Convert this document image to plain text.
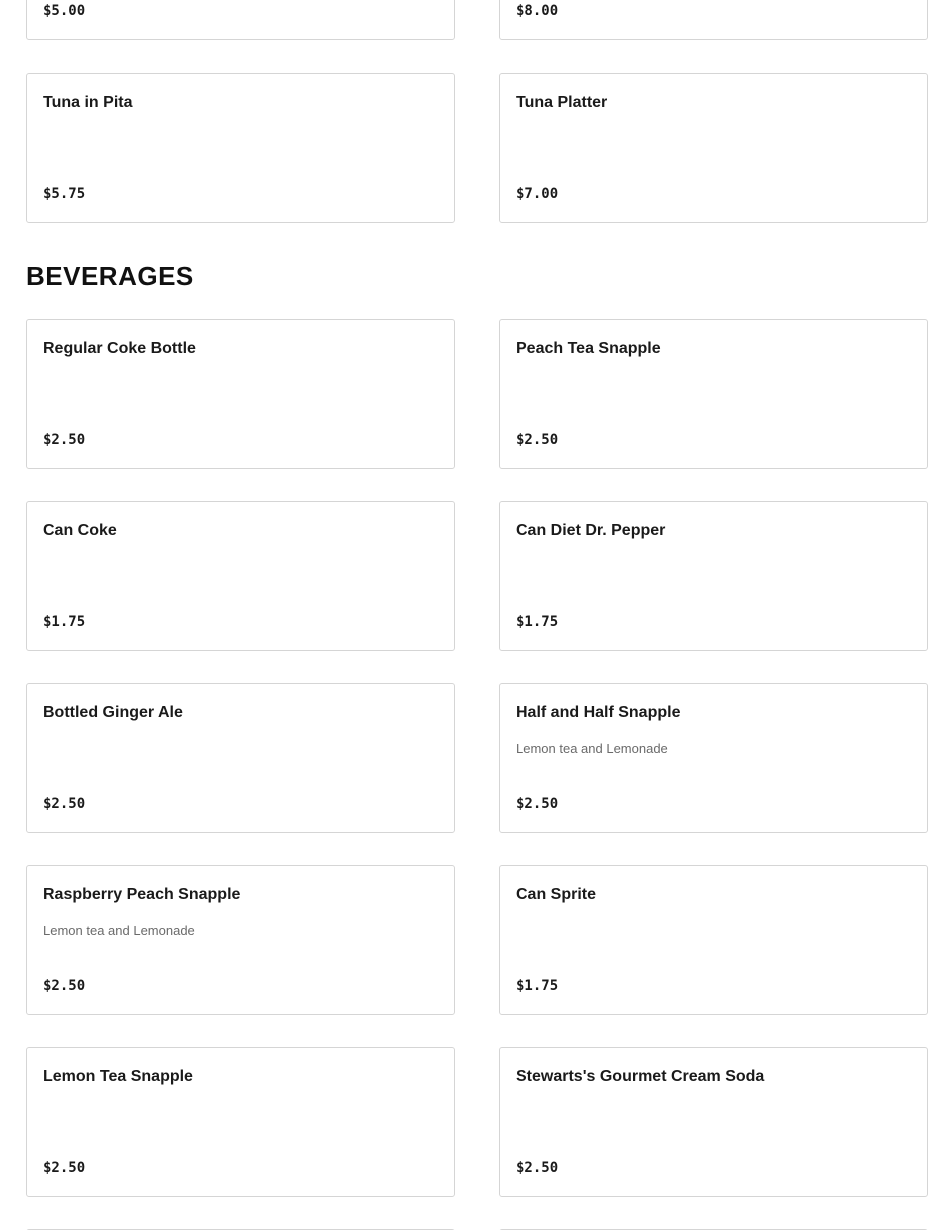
$5.00	$8.00
Tuna in Pita
$5.75
Tuna Platter
$7.00
BEVERAGES
Regular Coke Bottle
$2.50
Peach Tea Snapple
$2.50
Can Coke
$1.75
Can Diet Dr. Pepper
$1.75
Bottled Ginger Ale
$2.50
Half and Half Snapple
Lemon tea and Lemonade
$2.50
Raspberry Peach Snapple
Lemon tea and Lemonade
$2.50
Can Sprite
$1.75
Lemon Tea Snapple
$2.50
Stewarts's Gourmet Cream Soda
$2.50
